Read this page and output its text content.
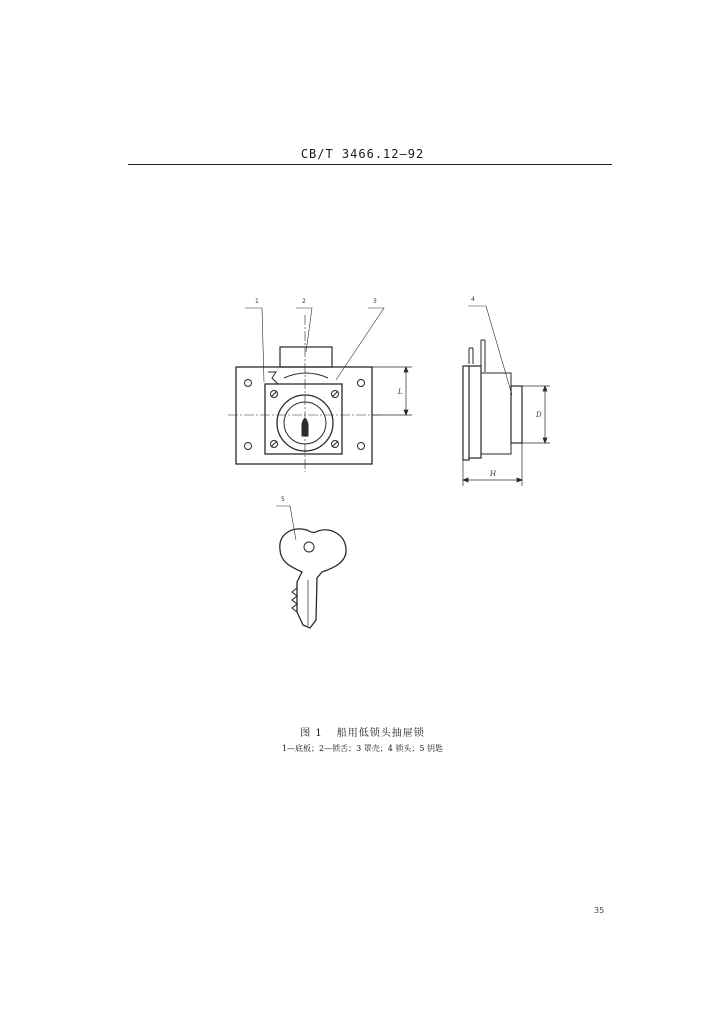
CB/T 3466.12—92
1	2	3	4
5
L
D
H
图 1 船用低锁头抽屉锁
1—底板；2—锁舌；3 罩壳；4 锁头；5 钥匙
35
